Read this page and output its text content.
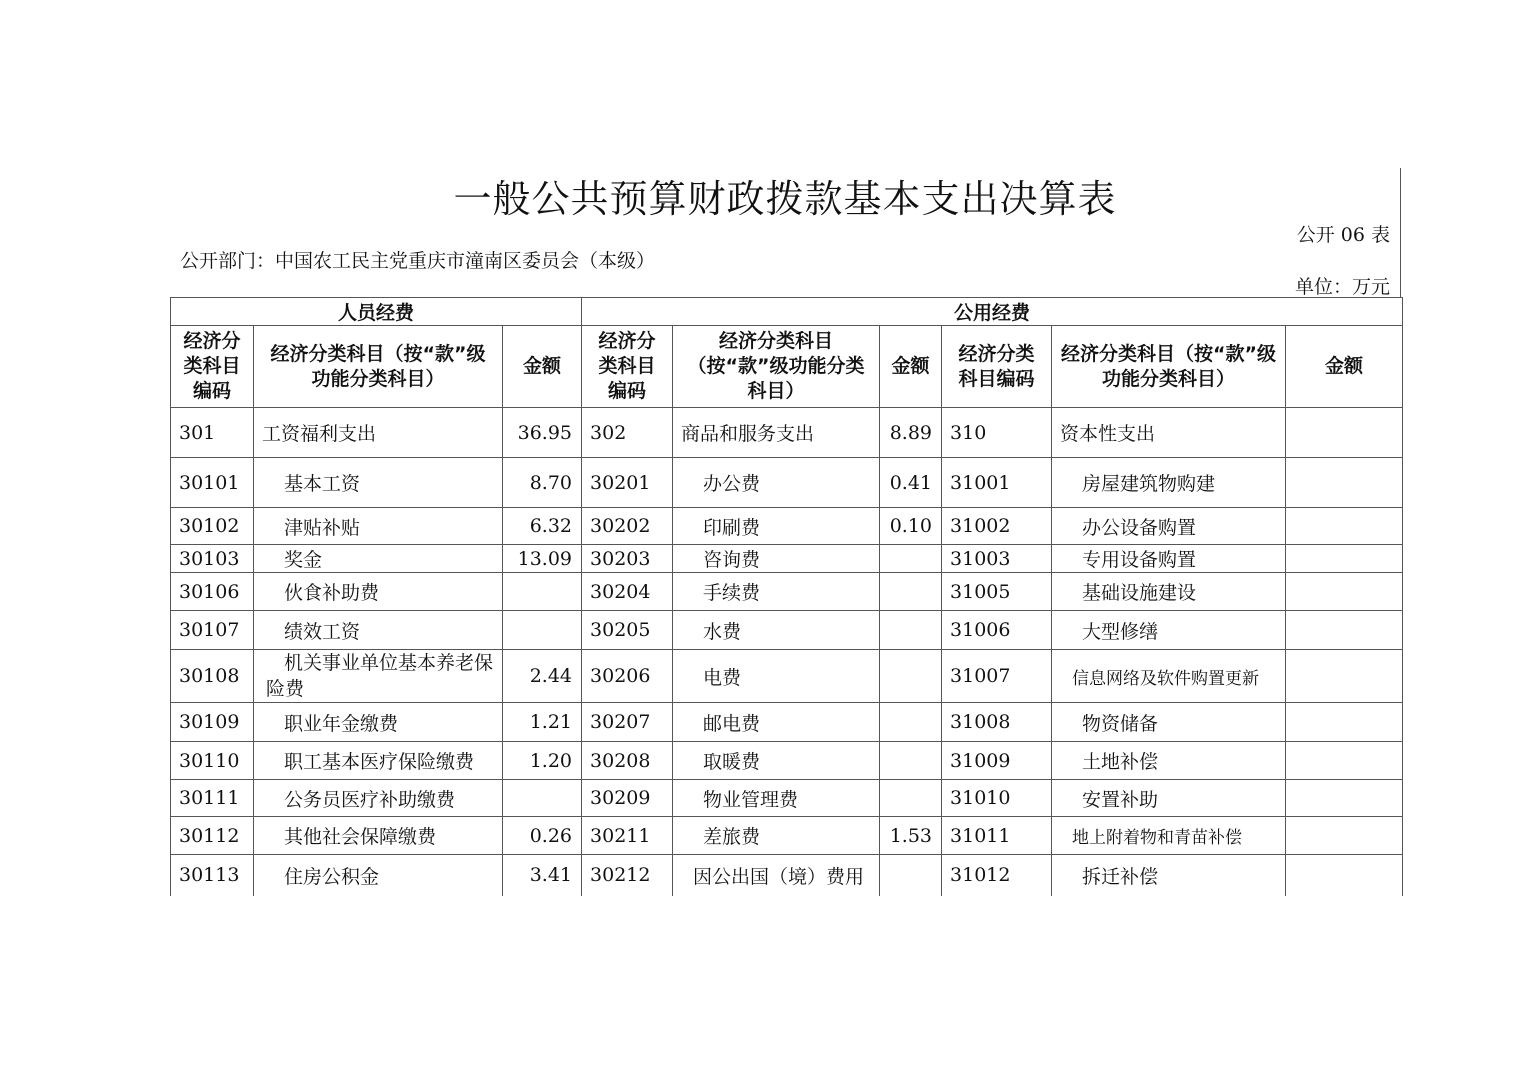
一般公共预算财政拨款基本支出决算表
公开 06 表
公开部门：中国农工民主党重庆市潼南区委员会（本级）
单位：万元
人员经费			公用经费					
经济分类科目编码	经济分类科目（按“款”级功能分类科目）	金额	经济分类科目编码	经济分类科目（按“款”级功能分类科目）	金额	经济分类科目编码	经济分类科目（按“款”级功能分类科目）	金额
301	工资福利支出	36.95	302	商品和服务支出	8.89	310	资本性支出	
30101	基本工资	8.70	30201	办公费	0.41	31001	房屋建筑物购建	
30102	津贴补贴	6.32	30202	印刷费	0.10	31002	办公设备购置	
30103	奖金	13.09	30203	咨询费		31003	专用设备购置	
30106	伙食补助费		30204	手续费		31005	基础设施建设	
30107	绩效工资		30205	水费		31006	大型修缮	
30108	机关事业单位基本养老保险费	2.44	30206	电费		31007	信息网络及软件购置更新	
30109	职业年金缴费	1.21	30207	邮电费		31008	物资储备	
30110	职工基本医疗保险缴费	1.20	30208	取暖费		31009	土地补偿	
30111	公务员医疗补助缴费		30209	物业管理费		31010	安置补助	
30112	其他社会保障缴费	0.26	30211	差旅费	1.53	31011	地上附着物和青苗补偿	
30113	住房公积金	3.41	30212	因公出国（境）费用		31012	拆迁补偿	
